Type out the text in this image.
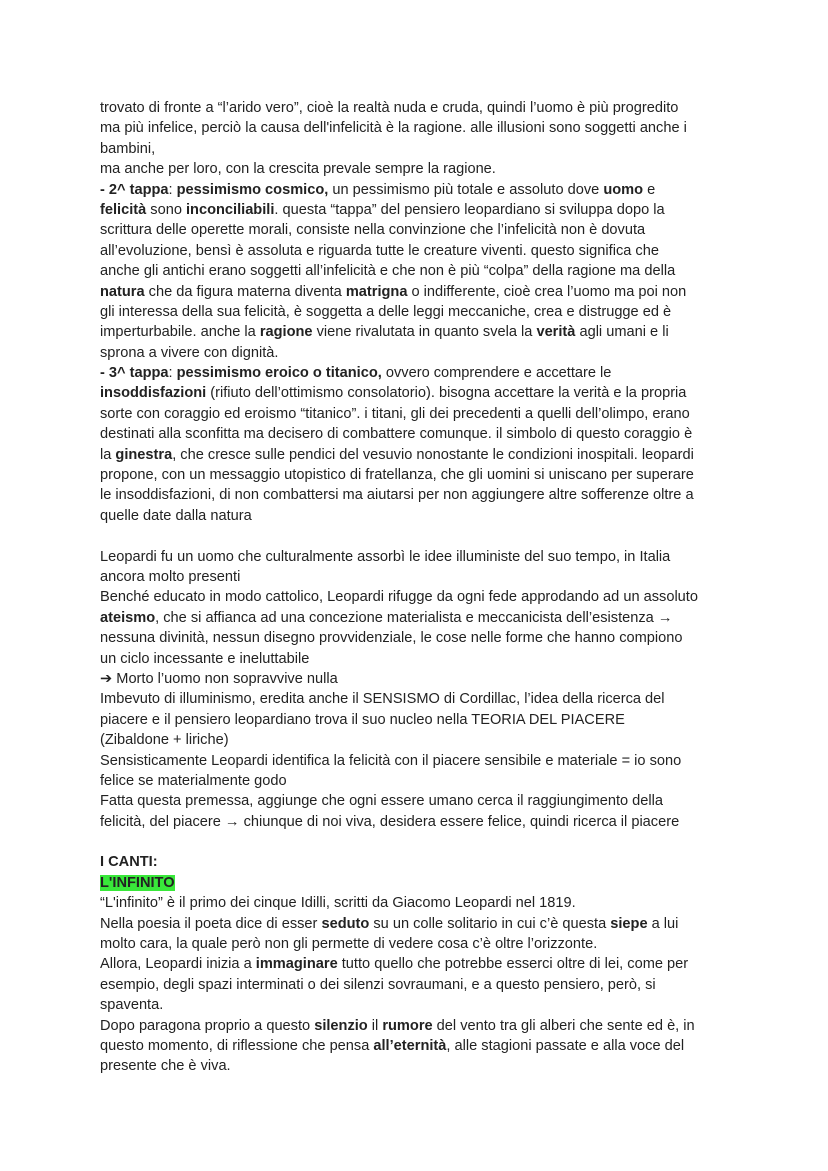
trovato di fronte a “l’arido vero”, cioè la realtà nuda e cruda, quindi l’uomo è più progredito
ma più infelice, perciò la causa dell'infelicità è la ragione. alle illusioni sono soggetti anche i
bambini,
ma anche per loro, con la crescita prevale sempre la ragione.
- 2^ tappa: pessimismo cosmico, un pessimismo più totale e assoluto dove uomo e
felicità sono inconciliabili. questa “tappa” del pensiero leopardiano si sviluppa dopo la
scrittura delle operette morali, consiste nella convinzione che l’infelicità non è dovuta
all’evoluzione, bensì è assoluta e riguarda tutte le creature viventi. questo significa che
anche gli antichi erano soggetti all’infelicità e che non è più “colpa” della ragione ma della
natura che da figura materna diventa matrigna o indifferente, cioè crea l’uomo ma poi non
gli interessa della sua felicità, è soggetta a delle leggi meccaniche, crea e distrugge ed è
imperturbabile. anche la ragione viene rivalutata in quanto svela la verità agli umani e li
sprona a vivere con dignità.
- 3^ tappa: pessimismo eroico o titanico, ovvero comprendere e accettare le
insoddisfazioni (rifiuto dell’ottimismo consolatorio). bisogna accettare la verità e la propria
sorte con coraggio ed eroismo “titanico”. i titani, gli dei precedenti a quelli dell’olimpo, erano
destinati alla sconfitta ma decisero di combattere comunque. il simbolo di questo coraggio è
la ginestra, che cresce sulle pendici del vesuvio nonostante le condizioni inospitali. leopardi
propone, con un messaggio utopistico di fratellanza, che gli uomini si uniscano per superare
le insoddisfazioni, di non combattersi ma aiutarsi per non aggiungere altre sofferenze oltre a
quelle date dalla natura
Leopardi fu un uomo che culturalmente assorbì le idee illuministe del suo tempo, in Italia
ancora molto presenti
Benché educato in modo cattolico, Leopardi rifugge da ogni fede approdando ad un assoluto
ateismo, che si affianca ad una concezione materialista e meccanicista dell’esistenza →
nessuna divinità, nessun disegno provvidenziale, le cose nelle forme che hanno compiono
un ciclo incessante e ineluttabile
➔ Morto l’uomo non sopravvive nulla
Imbevuto di illuminismo, eredita anche il SENSISMO di Cordillac, l’idea della ricerca del
piacere e il pensiero leopardiano trova il suo nucleo nella TEORIA DEL PIACERE
(Zibaldone + liriche)
Sensisticamente Leopardi identifica la felicità con il piacere sensibile e materiale = io sono
felice se materialmente godo
Fatta questa premessa, aggiunge che ogni essere umano cerca il raggiungimento della
felicità, del piacere → chiunque di noi viva, desidera essere felice, quindi ricerca il piacere
I CANTI:
L'INFINITO
“L'infinito” è il primo dei cinque Idilli, scritti da Giacomo Leopardi nel 1819.
Nella poesia il poeta dice di esser seduto su un colle solitario in cui c’è questa siepe a lui
molto cara, la quale però non gli permette di vedere cosa c’è oltre l’orizzonte.
Allora, Leopardi inizia a immaginare tutto quello che potrebbe esserci oltre di lei, come per
esempio, degli spazi interminati o dei silenzi sovraumani, e a questo pensiero, però, si
spaventa.
Dopo paragona proprio a questo silenzio il rumore del vento tra gli alberi che sente ed è, in
questo momento, di riflessione che pensa all’eternità, alle stagioni passate e alla voce del
presente che è viva.
